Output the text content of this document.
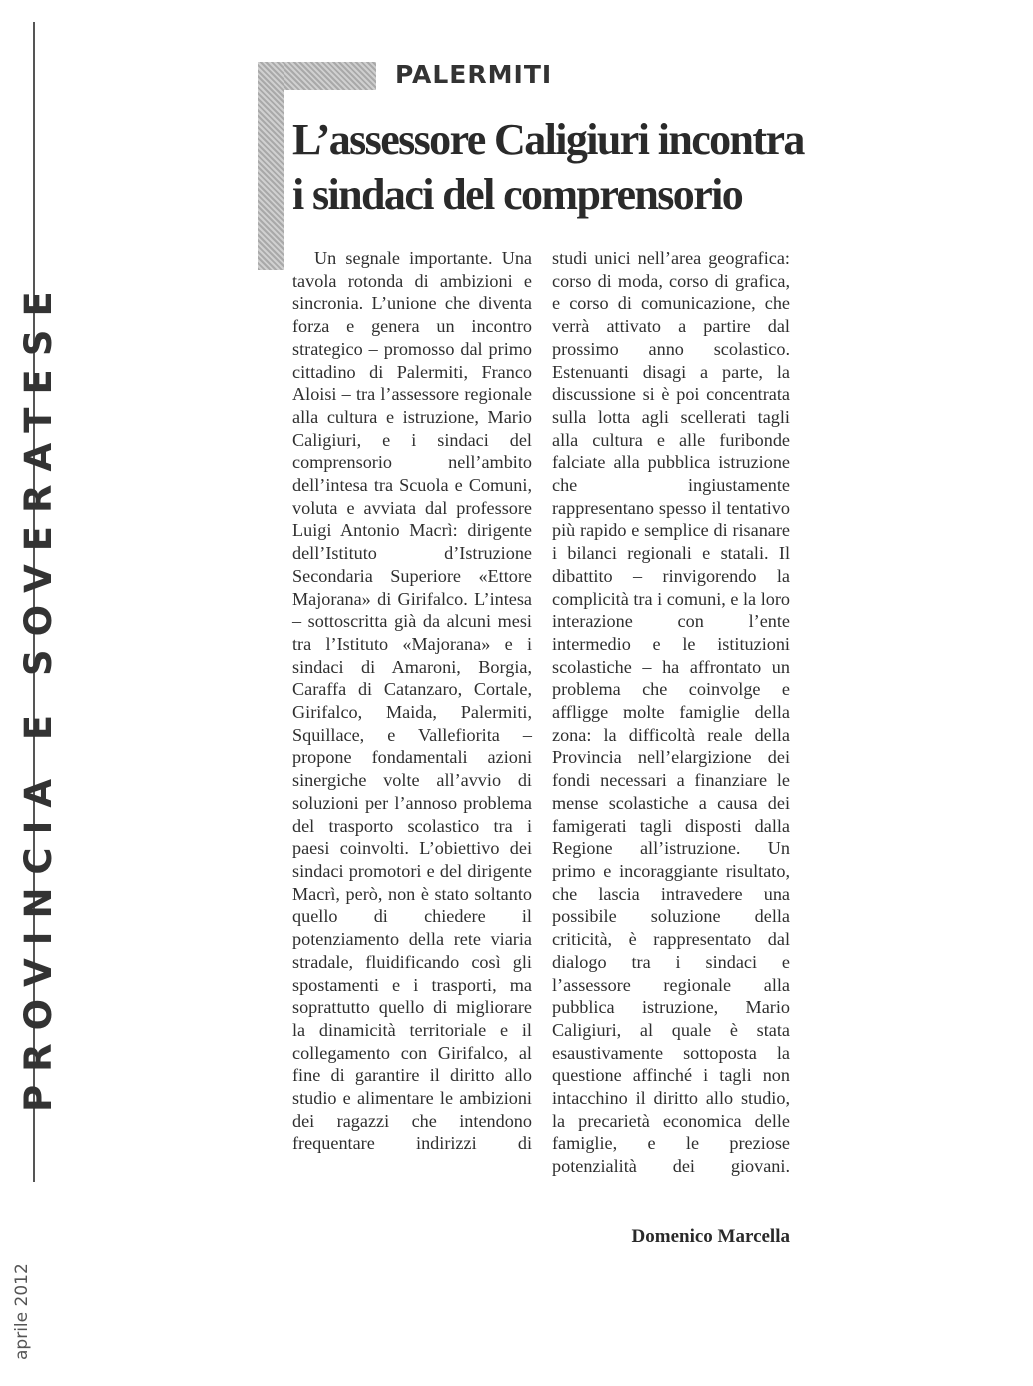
PROVINCIA E SOVERATESE
aprile 2012
PALERMITI
L’assessore Caligiuri incontra i sindaci del comprensorio

Un segnale importante. Una tavola rotonda di ambizioni e sincronia. L’unione che diventa forza e genera un incontro strategico – promosso dal primo cittadino di Palermiti, Franco Aloisi – tra l’assessore regionale alla cultura e istruzione, Mario Caligiuri, e i sindaci del comprensorio nell’ambito dell’intesa tra Scuola e Comuni, voluta e avviata dal professore Luigi Antonio Macrì: dirigente dell’Istituto d’Istruzione Secondaria Superiore «Ettore Majorana» di Girifalco. L’intesa – sottoscritta già da alcuni mesi tra l’Istituto «Majorana» e i sindaci di Amaroni, Borgia, Caraffa di Catanzaro, Cortale, Girifalco, Maida, Palermiti, Squillace, e Vallefiorita – propone fondamentali azioni sinergiche volte all’avvio di soluzioni per l’annoso problema del trasporto scolastico tra i paesi coinvolti. L’obiettivo dei sindaci promotori e del dirigente Macrì, però, non è stato soltanto quello di chiedere il potenziamento della rete viaria stradale, fluidificando così gli spostamenti e i trasporti, ma soprattutto quello di migliorare la dinamicità territoriale e il collegamento con Girifalco, al fine di garantire il diritto allo studio e alimentare le ambizioni dei ragazzi che intendono frequentare indirizzi di

studi unici nell’area geografica: corso di moda, corso di grafica, e corso di comunicazione, che verrà attivato a partire dal prossimo anno scolastico. Estenuanti disagi a parte, la discussione si è poi concentrata sulla lotta agli scellerati tagli alla cultura e alle furibonde falciate alla pubblica istruzione che ingiustamente rappresentano spesso il tentativo più rapido e semplice di risanare i bilanci regionali e statali. Il dibattito – rinvigorendo la complicità tra i comuni, e la loro interazione con l’ente intermedio e le istituzioni scolastiche – ha affrontato un problema che coinvolge e affligge molte famiglie della zona: la difficoltà reale della Provincia nell’elargizione dei fondi necessari a finanziare le mense scolastiche a causa dei famigerati tagli disposti dalla Regione all’istruzione. Un primo e incoraggiante risultato, che lascia intravedere una possibile soluzione della criticità, è rappresentato dal dialogo tra i sindaci e l’assessore regionale alla pubblica istruzione, Mario Caligiuri, al quale è stata esaustivamente sottoposta la questione affinché i tagli non intacchino il diritto allo studio, la precarietà economica delle famiglie, e le preziose potenzialità dei giovani.

Domenico Marcella
